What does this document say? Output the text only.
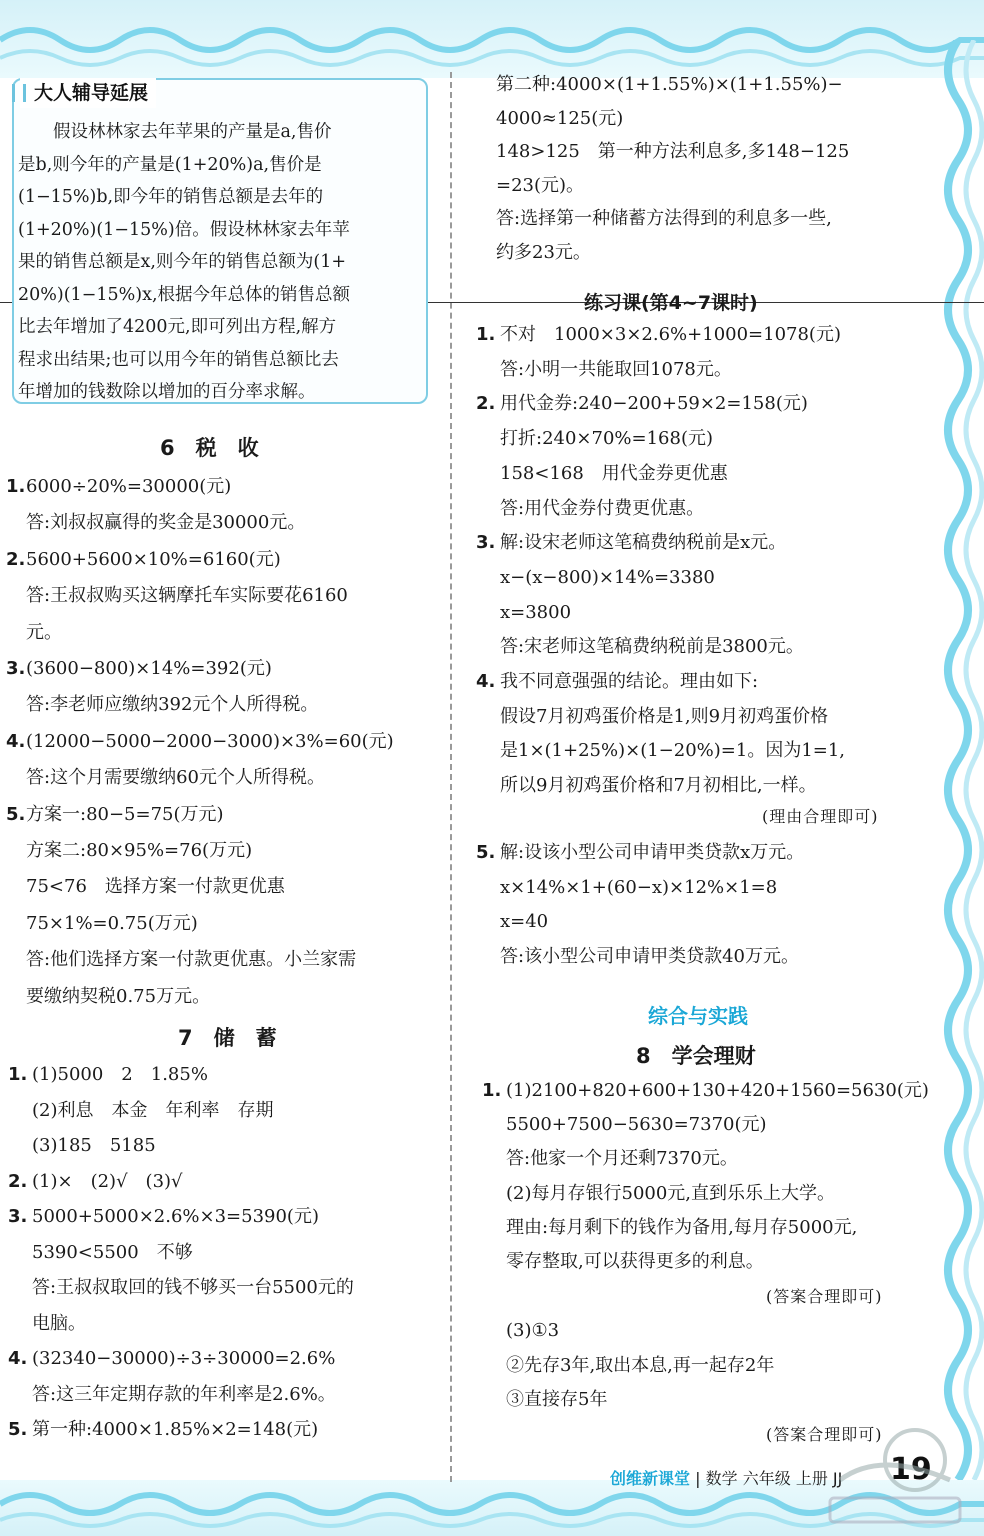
大人辅导延展
　　假设林林家去年苹果的产量是a,售价
是b,则今年的产量是(1+20%)a,售价是
(1−15%)b,即今年的销售总额是去年的
(1+20%)(1−15%)倍。假设林林家去年苹
果的销售总额是x,则今年的销售总额为(1+
20%)(1−15%)x,根据今年总体的销售总额
比去年增加了4200元,即可列出方程,解方
程求出结果;也可以用今年的销售总额比去
年增加的钱数除以增加的百分率求解。
6　税　收
1. 6000÷20%=30000(元)
答:刘叔叔赢得的奖金是30000元。
2. 5600+5600×10%=6160(元)
答:王叔叔购买这辆摩托车实际要花6160
元。
3. (3600−800)×14%=392(元)
答:李老师应缴纳392元个人所得税。
4. (12000−5000−2000−3000)×3%=60(元)
答:这个月需要缴纳60元个人所得税。
5. 方案一:80−5=75(万元)
方案二:80×95%=76(万元)
75<76　选择方案一付款更优惠
75×1%=0.75(万元)
答:他们选择方案一付款更优惠。小兰家需
要缴纳契税0.75万元。
7　储　蓄
1. (1)5000　2　1.85%
(2)利息　本金　年利率　存期
(3)185　5185
2. (1)×　(2)√　(3)√
3. 5000+5000×2.6%×3=5390(元)
5390<5500　不够
答:王叔叔取回的钱不够买一台5500元的
电脑。
4. (32340−30000)÷3÷30000=2.6%
答:这三年定期存款的年利率是2.6%。
5. 第一种:4000×1.85%×2=148(元)
第二种:4000×(1+1.55%)×(1+1.55%)−
4000≈125(元)
148>125　第一种方法利息多,多148−125
=23(元)。
答:选择第一种储蓄方法得到的利息多一些,
约多23元。
练习课(第4~7课时)
1. 不对　1000×3×2.6%+1000=1078(元)
答:小明一共能取回1078元。
2. 用代金券:240−200+59×2=158(元)
打折:240×70%=168(元)
158<168　用代金券更优惠
答:用代金券付费更优惠。
3. 解:设宋老师这笔稿费纳税前是x元。
x−(x−800)×14%=3380
x=3800
答:宋老师这笔稿费纳税前是3800元。
4. 我不同意强强的结论。理由如下:
假设7月初鸡蛋价格是1,则9月初鸡蛋价格
是1×(1+25%)×(1−20%)=1。因为1=1,
所以9月初鸡蛋价格和7月初相比,一样。
(理由合理即可)
5. 解:设该小型公司申请甲类贷款x万元。
x×14%×1+(60−x)×12%×1=8
x=40
答:该小型公司申请甲类贷款40万元。
综合与实践
8　学会理财
1. (1)2100+820+600+130+420+1560=5630(元)
5500+7500−5630=7370(元)
答:他家一个月还剩7370元。
(2)每月存银行5000元,直到乐乐上大学。
理由:每月剩下的钱作为备用,每月存5000元,
零存整取,可以获得更多的利息。
(答案合理即可)
(3)①3
②先存3年,取出本息,再一起存2年
③直接存5年
(答案合理即可)
创维新课堂 | 数学 六年级 上册 JJ 19
